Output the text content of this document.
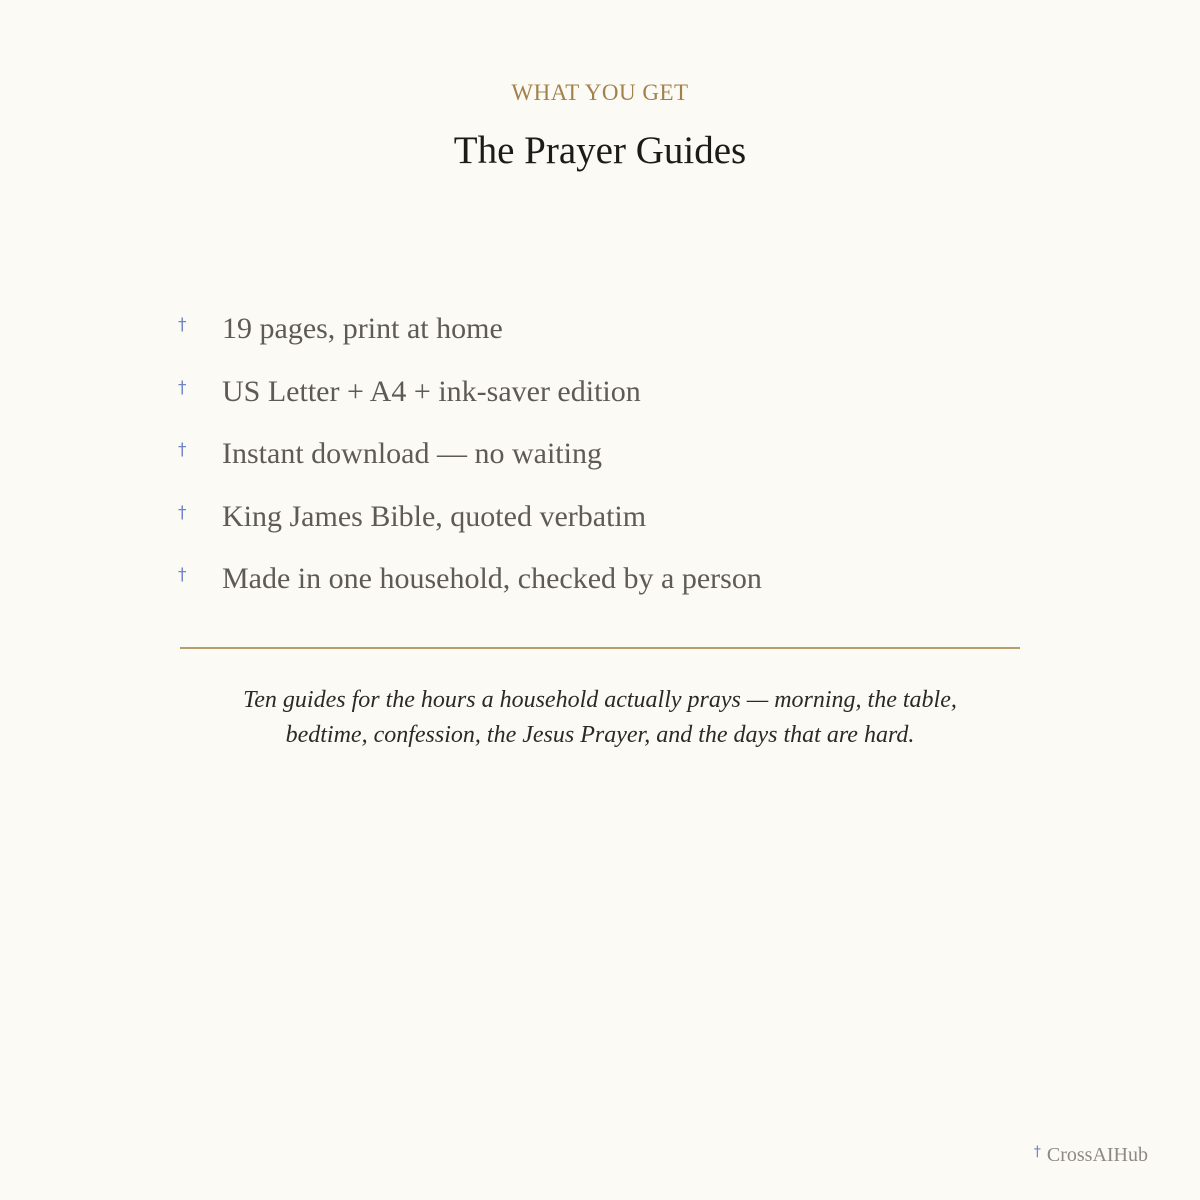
WHAT YOU GET
The Prayer Guides
† 19 pages, print at home
† US Letter + A4 + ink-saver edition
† Instant download — no waiting
† King James Bible, quoted verbatim
† Made in one household, checked by a person
Ten guides for the hours a household actually prays — morning, the table, bedtime, confession, the Jesus Prayer, and the days that are hard.
† CrossAIHub
